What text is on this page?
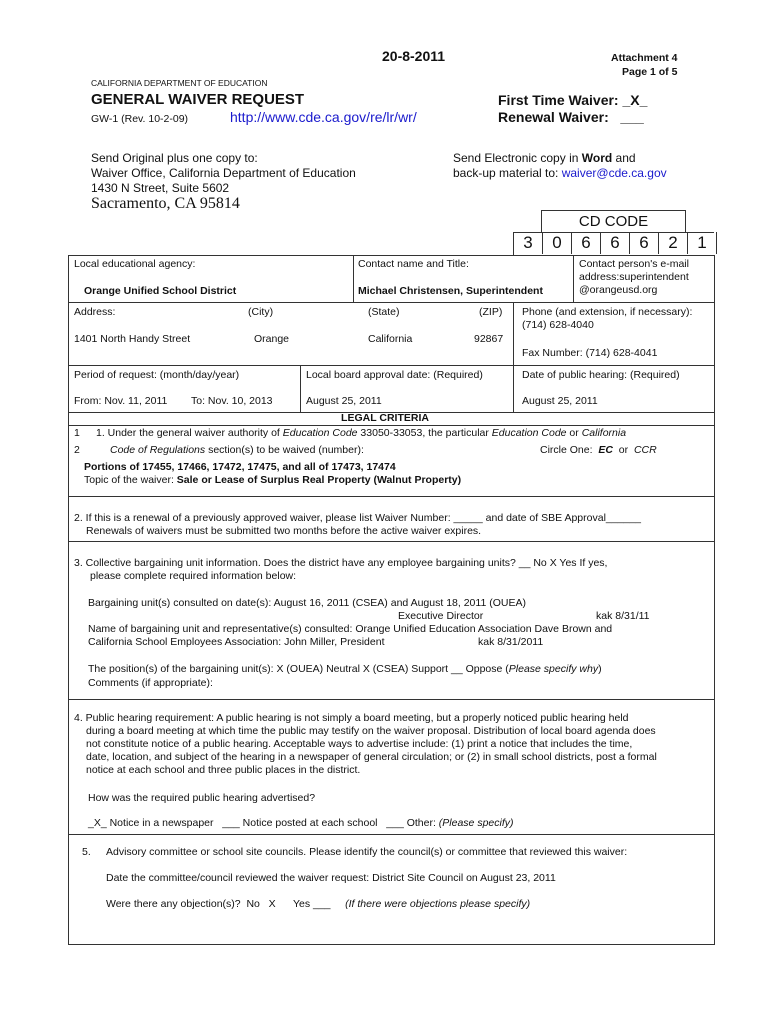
20-8-2011	Attachment 4
Page 1 of 5
CALIFORNIA DEPARTMENT OF EDUCATION
GENERAL WAIVER REQUEST
GW-1 (Rev. 10-2-09)	http://www.cde.ca.gov/re/lr/wr/
First Time Waiver: _X_
Renewal Waiver:   ___
Send Original plus one copy to:
Waiver Office, California Department of Education
1430 N Street, Suite 5602
Sacramento, CA 95814
Send Electronic copy in Word and
back-up material to: waiver@cde.ca.gov
CD CODE
3	0	6	6	6	2	1
Local educational agency:
Orange Unified School District
Contact name and Title:
Michael Christensen, Superintendent
Contact person's e-mail
address:superintendent
@orangeusd.org
Address:	(City)	(State)	(ZIP)
1401 North Handy Street	Orange	California	92867
Phone (and extension, if necessary):
(714) 628-4040
Fax Number: (714) 628-4041
Period of request: (month/day/year)
From: Nov. 11, 2011 To: Nov. 10, 2013
Local board approval date: (Required)
August 25, 2011
Date of public hearing: (Required)
August 25, 2011
LEGAL CRITERIA
1 1. Under the general waiver authority of Education Code 33050-33053, the particular Education Code or California
2	Code of Regulations section(s) to be waived (number):	Circle One:  EC  or  CCR
Portions of 17455, 17466, 17472, 17475, and all of 17473, 17474
Topic of the waiver: Sale or Lease of Surplus Real Property (Walnut Property)
2. If this is a renewal of a previously approved waiver, please list Waiver Number: _____ and date of SBE Approval______
Renewals of waivers must be submitted two months before the active waiver expires.
3. Collective bargaining unit information. Does the district have any employee bargaining units? __ No X Yes If yes,
please complete required information below:
Bargaining unit(s) consulted on date(s): August 16, 2011 (CSEA) and August 18, 2011 (OUEA)
Executive Director	kak 8/31/11
Name of bargaining unit and representative(s) consulted: Orange Unified Education Association Dave Brown and
California School Employees Association: John Miller, President	kak 8/31/2011
The position(s) of the bargaining unit(s): X (OUEA) Neutral X (CSEA) Support __ Oppose (Please specify why)
Comments (if appropriate):
4. Public hearing requirement: A public hearing is not simply a board meeting, but a properly noticed public hearing held
during a board meeting at which time the public may testify on the waiver proposal. Distribution of local board agenda does
not constitute notice of a public hearing. Acceptable ways to advertise include: (1) print a notice that includes the time,
date, location, and subject of the hearing in a newspaper of general circulation; or (2) in small school districts, post a formal
notice at each school and three public places in the district.
How was the required public hearing advertised?
_X_ Notice in a newspaper   ___ Notice posted at each school   ___ Other: (Please specify)
5. Advisory committee or school site councils. Please identify the council(s) or committee that reviewed this waiver:
Date the committee/council reviewed the waiver request: District Site Council on August 23, 2011
Were there any objection(s)?  No   X      Yes ___     (If there were objections please specify)
